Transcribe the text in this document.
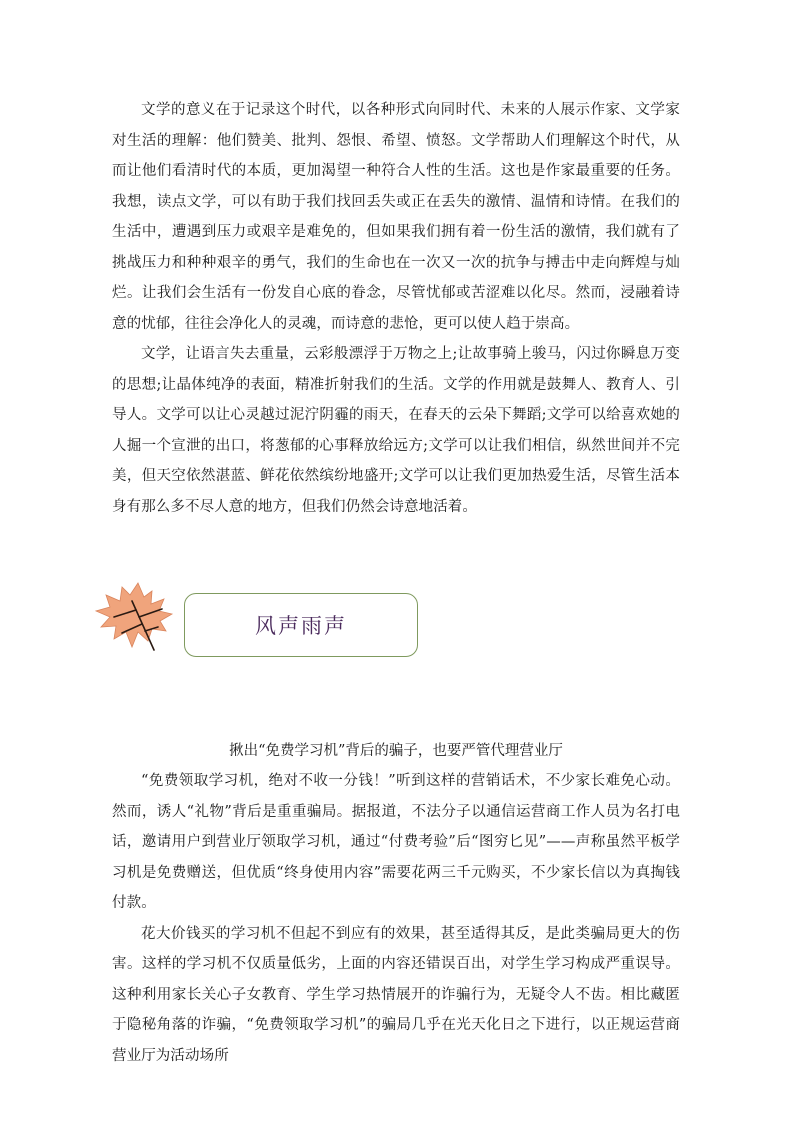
文学的意义在于记录这个时代，以各种形式向同时代、未来的人展示作家、文学家对生活的理解：他们赞美、批判、怨恨、希望、愤怒。文学帮助人们理解这个时代，从而让他们看清时代的本质，更加渴望一种符合人性的生活。这也是作家最重要的任务。我想，读点文学，可以有助于我们找回丢失或正在丢失的激情、温情和诗情。在我们的生活中，遭遇到压力或艰辛是难免的，但如果我们拥有着一份生活的激情，我们就有了挑战压力和种种艰辛的勇气，我们的生命也在一次又一次的抗争与搏击中走向辉煌与灿烂。让我们会生活有一份发自心底的眷念，尽管忧郁或苦涩难以化尽。然而，浸融着诗意的忧郁，往往会净化人的灵魂，而诗意的悲怆，更可以使人趋于崇高。

文学，让语言失去重量，云彩般漂浮于万物之上;让故事骑上骏马，闪过你瞬息万变的思想;让晶体纯净的表面，精准折射我们的生活。文学的作用就是鼓舞人、教育人、引导人。文学可以让心灵越过泥泞阴霾的雨天，在春天的云朵下舞蹈;文学可以给喜欢她的人掘一个宣泄的出口，将葱郁的心事释放给远方;文学可以让我们相信，纵然世间并不完美，但天空依然湛蓝、鲜花依然缤纷地盛开;文学可以让我们更加热爱生活，尽管生活本身有那么多不尽人意的地方，但我们仍然会诗意地活着。

风声雨声
揪出“免费学习机”背后的骗子，也要严管代理营业厅

“免费领取学习机，绝对不收一分钱！”听到这样的营销话术，不少家长难免心动。然而，诱人“礼物”背后是重重骗局。据报道，不法分子以通信运营商工作人员为名打电话，邀请用户到营业厅领取学习机，通过“付费考验”后“图穷匕见”——声称虽然平板学习机是免费赠送，但优质“终身使用内容”需要花两三千元购买，不少家长信以为真掏钱付款。

花大价钱买的学习机不但起不到应有的效果，甚至适得其反，是此类骗局更大的伤害。这样的学习机不仅质量低劣，上面的内容还错误百出，对学生学习构成严重误导。这种利用家长关心子女教育、学生学习热情展开的诈骗行为，无疑令人不齿。相比藏匿于隐秘角落的诈骗，“免费领取学习机”的骗局几乎在光天化日之下进行，以正规运营商营业厅为活动场所
